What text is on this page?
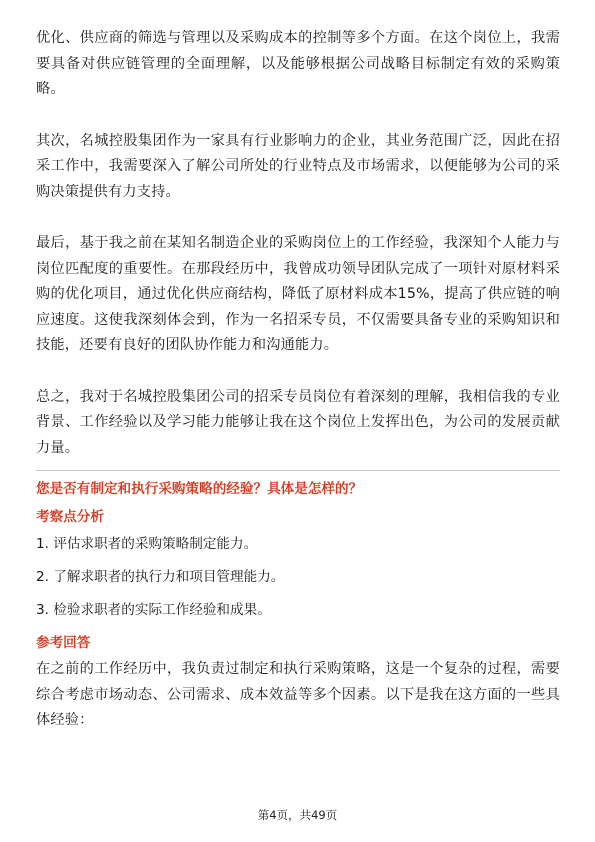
优化、供应商的筛选与管理以及采购成本的控制等多个方面。在这个岗位上，我需要具备对供应链管理的全面理解，以及能够根据公司战略目标制定有效的采购策略。

其次，名城控股集团作为一家具有行业影响力的企业，其业务范围广泛，因此在招采工作中，我需要深入了解公司所处的行业特点及市场需求，以便能够为公司的采购决策提供有力支持。

最后，基于我之前在某知名制造企业的采购岗位上的工作经验，我深知个人能力与岗位匹配度的重要性。在那段经历中，我曾成功领导团队完成了一项针对原材料采购的优化项目，通过优化供应商结构，降低了原材料成本15%，提高了供应链的响应速度。这使我深刻体会到，作为一名招采专员，不仅需要具备专业的采购知识和技能，还要有良好的团队协作能力和沟通能力。

总之，我对于名城控股集团公司的招采专员岗位有着深刻的理解，我相信我的专业背景、工作经验以及学习能力能够让我在这个岗位上发挥出色，为公司的发展贡献力量。

您是否有制定和执行采购策略的经验？具体是怎样的？
考察点分析
1. 评估求职者的采购策略制定能力。
2. 了解求职者的执行力和项目管理能力。
3. 检验求职者的实际工作经验和成果。
参考回答

在之前的工作经历中，我负责过制定和执行采购策略，这是一个复杂的过程，需要综合考虑市场动态、公司需求、成本效益等多个因素。以下是我在这方面的一些具体经验：

第4页，共49页
